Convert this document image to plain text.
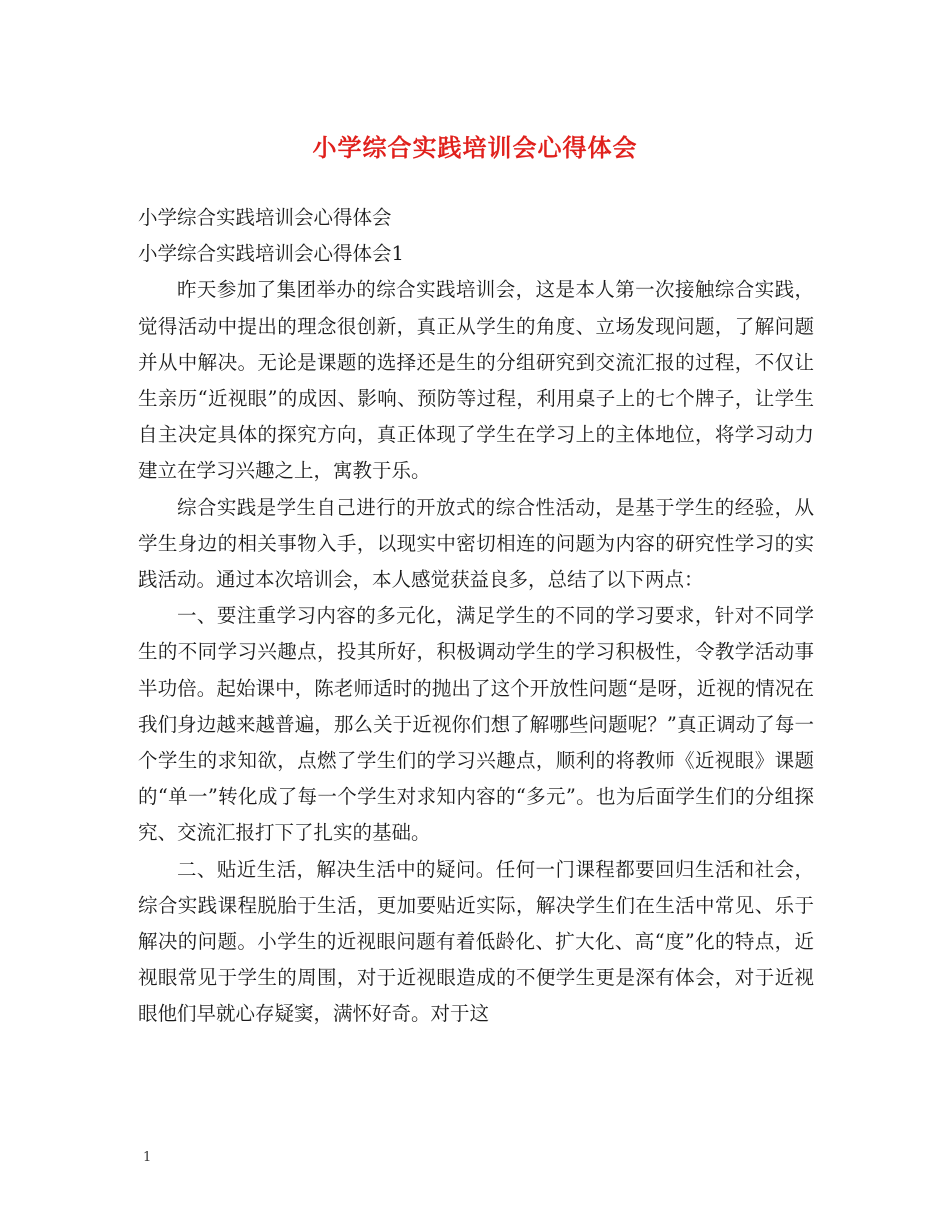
小学综合实践培训会心得体会

小学综合实践培训会心得体会

小学综合实践培训会心得体会1

昨天参加了集团举办的综合实践培训会，这是本人第一次接触综合实践，觉得活动中提出的理念很创新，真正从学生的角度、立场发现问题，了解问题并从中解决。无论是课题的选择还是生的分组研究到交流汇报的过程，不仅让生亲历“近视眼”的成因、影响、预防等过程，利用桌子上的七个牌子，让学生自主决定具体的探究方向，真正体现了学生在学习上的主体地位，将学习动力建立在学习兴趣之上，寓教于乐。

综合实践是学生自己进行的开放式的综合性活动，是基于学生的经验，从学生身边的相关事物入手，以现实中密切相连的问题为内容的研究性学习的实践活动。通过本次培训会，本人感觉获益良多，总结了以下两点：

一、要注重学习内容的多元化，满足学生的不同的学习要求，针对不同学生的不同学习兴趣点，投其所好，积极调动学生的学习积极性，令教学活动事半功倍。起始课中，陈老师适时的抛出了这个开放性问题“是呀，近视的情况在我们身边越来越普遍，那么关于近视你们想了解哪些问题呢？”真正调动了每一个学生的求知欲，点燃了学生们的学习兴趣点，顺利的将教师《近视眼》课题的“单一”转化成了每一个学生对求知内容的“多元”。也为后面学生们的分组探究、交流汇报打下了扎实的基础。

二、贴近生活，解决生活中的疑问。任何一门课程都要回归生活和社会，综合实践课程脱胎于生活，更加要贴近实际，解决学生们在生活中常见、乐于解决的问题。小学生的近视眼问题有着低龄化、扩大化、高“度”化的特点，近视眼常见于学生的周围，对于近视眼造成的不便学生更是深有体会，对于近视眼他们早就心存疑窦，满怀好奇。对于这

1
